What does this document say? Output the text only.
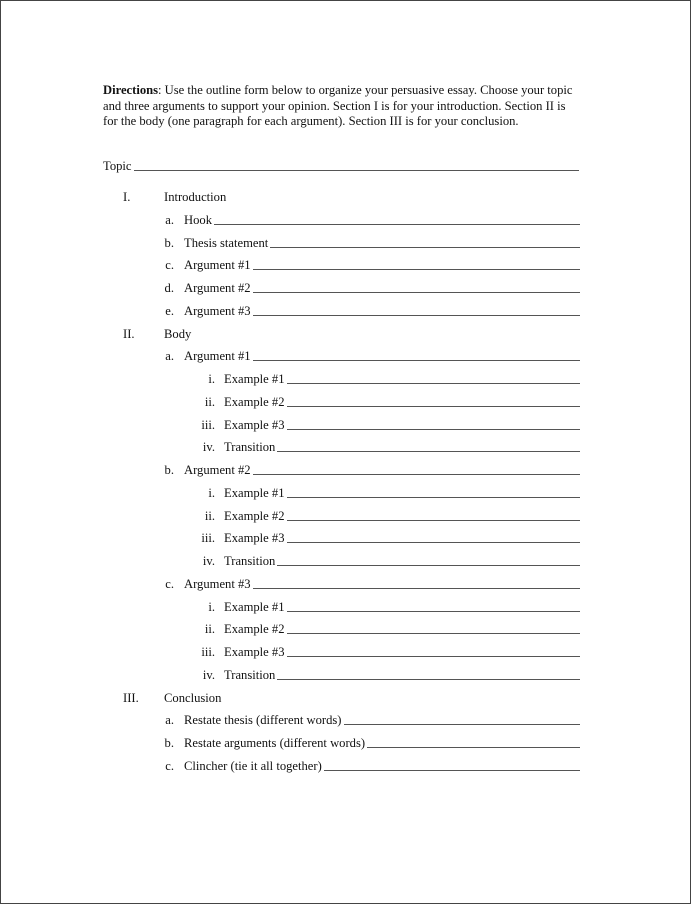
Directions: Use the outline form below to organize your persuasive essay. Choose your topic and three arguments to support your opinion. Section I is for your introduction. Section II is for the body (one paragraph for each argument). Section III is for your conclusion.
Topic
I.	Introduction
a. Hook
b. Thesis statement
c. Argument #1
d. Argument #2
e. Argument #3
II.	Body
a. Argument #1
i. Example #1
ii. Example #2
iii. Example #3
iv. Transition
b. Argument #2
i. Example #1
ii. Example #2
iii. Example #3
iv. Transition
c. Argument #3
i. Example #1
ii. Example #2
iii. Example #3
iv. Transition
III.	Conclusion
a. Restate thesis (different words)
b. Restate arguments (different words)
c. Clincher (tie it all together)
